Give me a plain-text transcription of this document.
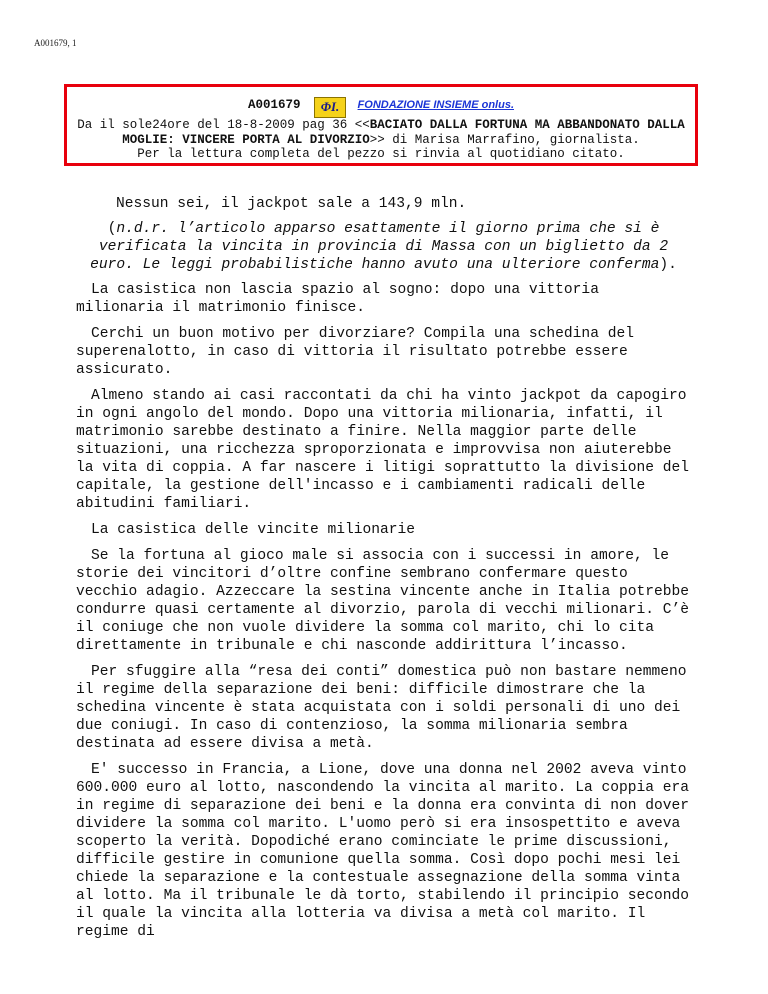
A001679, 1
A001679 ΦI. FONDAZIONE INSIEME onlus.
Da il sole24ore del 18-8-2009 pag 36 <<BACIATO DALLA FORTUNA MA ABBANDONATO DALLA MOGLIE: VINCERE PORTA AL DIVORZIO>> di Marisa Marrafino, giornalista.
Per la lettura completa del pezzo si rinvia al quotidiano citato.

Nessun sei, il jackpot sale a 143,9 mln.

(n.d.r. l’articolo apparso esattamente il giorno prima che si è verificata la vincita in provincia di Massa con un biglietto da 2 euro. Le leggi probabilistiche hanno avuto una ulteriore conferma).

La casistica non lascia spazio al sogno: dopo una vittoria milionaria il matrimonio finisce.

Cerchi un buon motivo per divorziare? Compila una schedina del superenalotto, in caso di vittoria il risultato potrebbe essere assicurato.

Almeno stando ai casi raccontati da chi ha vinto jackpot da capogiro in ogni angolo del mondo. Dopo una vittoria milionaria, infatti, il matrimonio sarebbe destinato a finire. Nella maggior parte delle situazioni, una ricchezza sproporzionata e improvvisa non aiuterebbe la vita di coppia. A far nascere i litigi soprattutto la divisione del capitale, la gestione dell'incasso e i cambiamenti radicali delle abitudini familiari.

La casistica delle vincite milionarie

Se la fortuna al gioco male si associa con i successi in amore, le storie dei vincitori d’oltre confine sembrano confermare questo vecchio adagio. Azzeccare la sestina vincente anche in Italia potrebbe condurre quasi certamente al divorzio, parola di vecchi milionari. C’è il coniuge che non vuole dividere la somma col marito, chi lo cita direttamente in tribunale e chi nasconde addirittura l’incasso.

Per sfuggire alla “resa dei conti” domestica può non bastare nemmeno il regime della separazione dei beni: difficile dimostrare che la schedina vincente è stata acquistata con i soldi personali di uno dei due coniugi. In caso di contenzioso, la somma milionaria sembra destinata ad essere divisa a metà.

E' successo in Francia, a Lione, dove una donna nel 2002 aveva vinto 600.000 euro al lotto, nascondendo la vincita al marito. La coppia era in regime di separazione dei beni e la donna era convinta di non dover dividere la somma col marito. L'uomo però si era insospettito e aveva scoperto la verità. Dopodiché erano cominciate le prime discussioni, difficile gestire in comunione quella somma. Così dopo pochi mesi lei chiede la separazione e la contestuale assegnazione della somma vinta al lotto. Ma il tribunale le dà torto, stabilendo il principio secondo il quale la vincita alla lotteria va divisa a metà col marito. Il regime di
